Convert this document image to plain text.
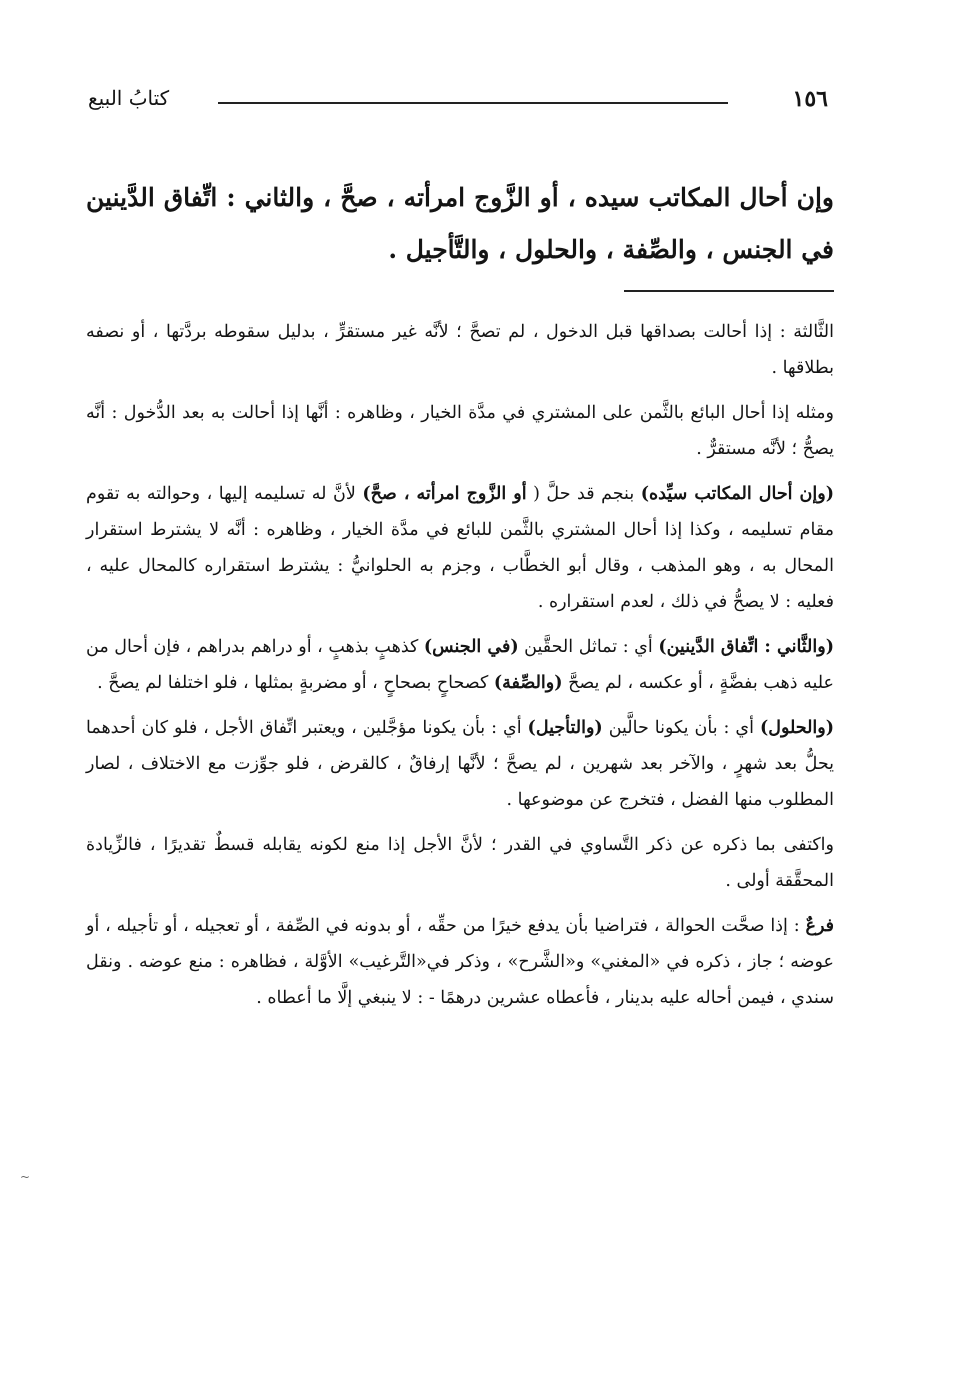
١٥٦
كتابُ البيع
وإن أحال المكاتب سيده ، أو الزَّوج امرأته ، صحَّ ، والثاني : اتِّفاق الدَّينين في الجنس ، والصِّفة ، والحلول ، والتَّأجيل .

الثَّالثة : إذا أحالت بصداقها قبل الدخول ، لم تصحَّ ؛ لأنَّه غير مستقرٍّ ، بدليل سقوطه بردَّتها ، أو نصفه بطلاقها .

ومثله إذا أحال البائع بالثَّمن على المشتري في مدَّة الخيار ، وظاهره : أنَّها إذا أحالت به بعد الدُّخول : أنَّه يصحُّ ؛ لأنَّه مستقرٌّ .

(وإن أحال المكاتب سيِّده) بنجم قد حلَّ ( أو الزَّوج امرأته ، صحَّ) لأنَّ له تسليمه إليها ، وحوالته به تقوم مقام تسليمه ، وكذا إذا أحال المشتري بالثَّمن للبائع في مدَّة الخيار ، وظاهره : أنَّه لا يشترط استقرار المحال به ، وهو المذهب ، وقال أبو الخطَّاب ، وجزم به الحلوانيُّ : يشترط استقراره كالمحال عليه ، فعليه : لا يصحُّ في ذلك ، لعدم استقراره .

(والثَّاني : اتِّفاق الدَّينين) أي : تماثل الحقَّين (في الجنس) كذهبٍ بذهبٍ ، أو دراهم بدراهم ، فإن أحال من عليه ذهب بفضَّةٍ ، أو عكسه ، لم يصحَّ (والصِّفة) كصحاحٍ بصحاحٍ ، أو مضربةٍ بمثلها ، فلو اختلفا لم يصحَّ .

(والحلول) أي : بأن يكونا حالَّين (والتأجيل) أي : بأن يكونا مؤجَّلين ، ويعتبر اتِّفاق الأجل ، فلو كان أحدهما يحلُّ بعد شهرٍ ، والآخر بعد شهرين ، لم يصحَّ ؛ لأنَّها إرفاقٌ ، كالقرض ، فلو جوِّزت مع الاختلاف ، لصار المطلوب منها الفضل ، فتخرج عن موضوعها .

واكتفى بما ذكره عن ذكر التَّساوي في القدر ؛ لأنَّ الأجل إذا منع لكونه يقابله قسطٌ تقديرًا ، فالزِّيادة المحقَّقة أولى .

فرعٌ : إذا صحَّت الحوالة ، فتراضيا بأن يدفع خيرًا من حقِّه ، أو بدونه في الصِّفة ، أو تعجيله ، أو تأجيله ، أو عوضه ؛ جاز ، ذكره في «المغني» و«الشَّرح» ، وذكر في«التَّرغيب» الأوَّلة ، فظاهره : منع عوضه . ونقل سندي ، فيمن أحاله عليه بدينار ، فأعطاه عشرين درهمًا - : لا ينبغي إلَّا ما أعطاه .

~
